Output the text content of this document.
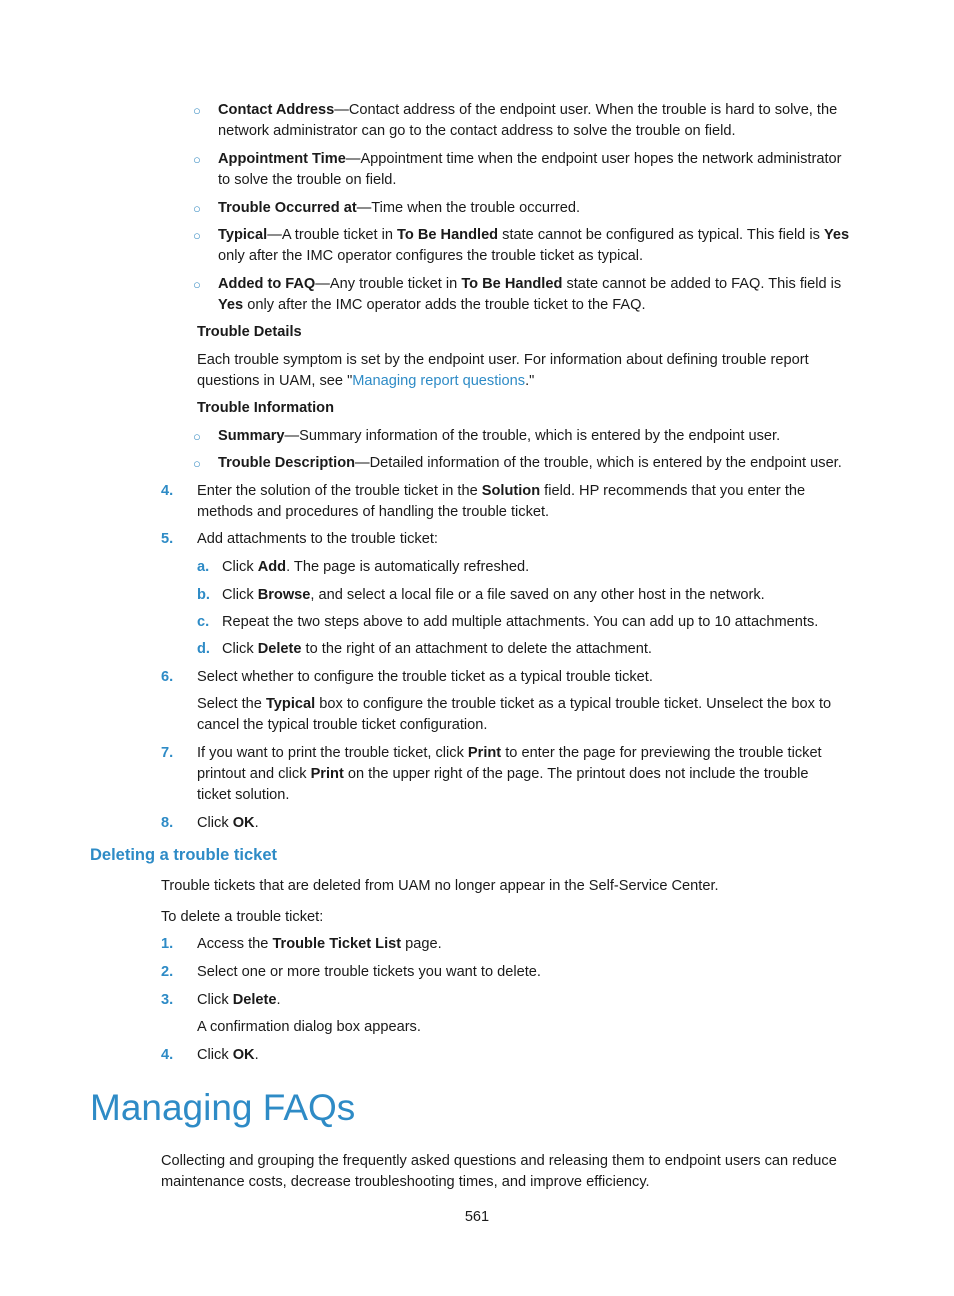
○ Contact Address—Contact address of the endpoint user. When the trouble is hard to solve, the
network administrator can go to the contact address to solve the trouble on field.
○ Appointment Time—Appointment time when the endpoint user hopes the network administrator
to solve the trouble on field.
○ Trouble Occurred at—Time when the trouble occurred.
○ Typical—A trouble ticket in To Be Handled state cannot be configured as typical. This field is Yes
only after the IMC operator configures the trouble ticket as typical.
○ Added to FAQ—Any trouble ticket in To Be Handled state cannot be added to FAQ. This field is
Yes only after the IMC operator adds the trouble ticket to the FAQ.
Trouble Details
Each trouble symptom is set by the endpoint user. For information about defining trouble report
questions in UAM, see "Managing report questions."
Trouble Information
○ Summary—Summary information of the trouble, which is entered by the endpoint user.
○ Trouble Description—Detailed information of the trouble, which is entered by the endpoint user.
4. Enter the solution of the trouble ticket in the Solution field. HP recommends that you enter the
methods and procedures of handling the trouble ticket.
5. Add attachments to the trouble ticket:
a. Click Add. The page is automatically refreshed.
b. Click Browse, and select a local file or a file saved on any other host in the network.
c. Repeat the two steps above to add multiple attachments. You can add up to 10 attachments.
d. Click Delete to the right of an attachment to delete the attachment.
6. Select whether to configure the trouble ticket as a typical trouble ticket.
Select the Typical box to configure the trouble ticket as a typical trouble ticket. Unselect the box to
cancel the typical trouble ticket configuration.
7. If you want to print the trouble ticket, click Print to enter the page for previewing the trouble ticket
printout and click Print on the upper right of the page. The printout does not include the trouble
ticket solution.
8. Click OK.
Deleting a trouble ticket
Trouble tickets that are deleted from UAM no longer appear in the Self-Service Center.
To delete a trouble ticket:
1. Access the Trouble Ticket List page.
2. Select one or more trouble tickets you want to delete.
3. Click Delete.
A confirmation dialog box appears.
4. Click OK.
Managing FAQs
Collecting and grouping the frequently asked questions and releasing them to endpoint users can reduce
maintenance costs, decrease troubleshooting times, and improve efficiency.
561
